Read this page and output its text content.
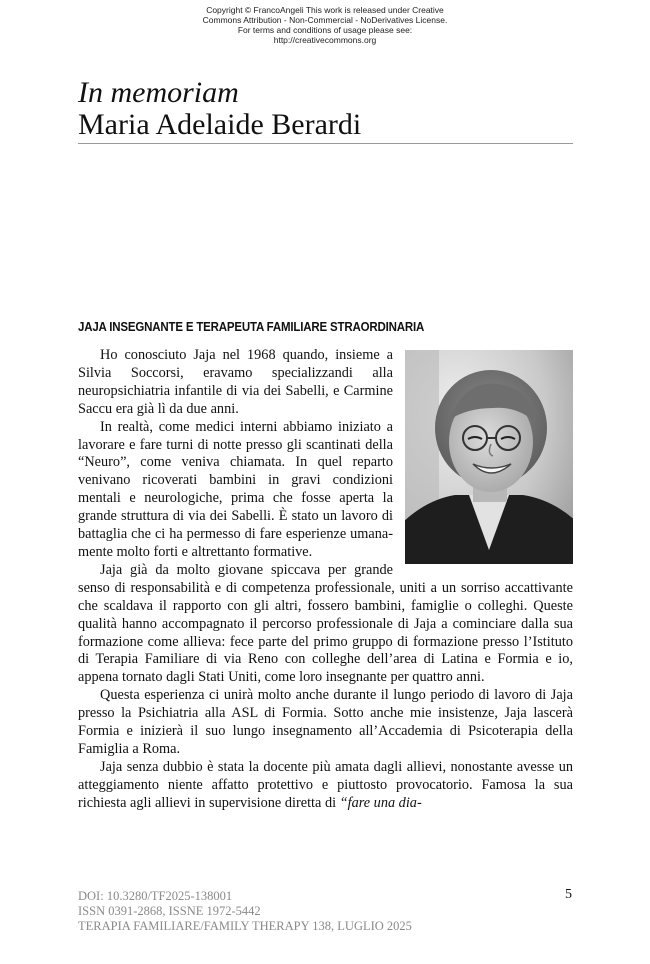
Copyright © FrancoAngeli This work is released under Creative
Commons Attribution - Non-Commercial - NoDerivatives License.
For terms and conditions of usage please see:
http://creativecommons.org
In memoriam
Maria Adelaide Berardi
JAJA INSEGNANTE E TERAPEUTA FAMILIARE STRAORDINARIA

Ho conosciuto Jaja nel 1968 quando, insieme a Silvia Soccorsi, eravamo specializzandi alla neuropsichiatria infantile di via dei Sabelli, e Carmine Saccu era già lì da due anni.

In realtà, come medici interni abbiamo iniziato a lavorare e fare turni di notte presso gli scantinati della “Neuro”, come veniva chiamata. In quel reparto venivano ricoverati bambini in gravi condizioni mentali e neurologiche, prima che fosse aperta la grande struttura di via dei Sabelli. È stato un lavoro di battaglia che ci ha permesso di fare esperienze umanamente molto forti e altrettanto formative.

Jaja già da molto giovane spiccava per grande senso di responsabilità e di competenza professionale, uniti a un sorriso accattivante che scaldava il rapporto con gli altri, fossero bambini, famiglie o colleghi. Queste qualità hanno accompagnato il percorso professionale di Jaja a cominciare dalla sua formazione come allieva: fece parte del primo gruppo di formazione presso l’Istituto di Terapia Familiare di via Reno con colleghe dell’area di Latina e Formia e io, appena tornato dagli Stati Uniti, come loro insegnante per quattro anni.

Questa esperienza ci unirà molto anche durante il lungo periodo di lavoro di Jaja presso la Psichiatria alla ASL di Formia. Sotto anche mie insistenze, Jaja lascerà Formia e inizierà il suo lungo insegnamento all’Accademia di Psicoterapia della Famiglia a Roma.

Jaja senza dubbio è stata la docente più amata dagli allievi, nonostante avesse un atteggiamento niente affatto protettivo e piuttosto provocatorio. Famosa la sua richiesta agli allievi in supervisione diretta di “fare una dia-

DOI: 10.3280/TF2025-138001
ISSN 0391-2868, ISSNE 1972-5442
TERAPIA FAMILIARE/FAMILY THERAPY 138, LUGLIO 2025
5
